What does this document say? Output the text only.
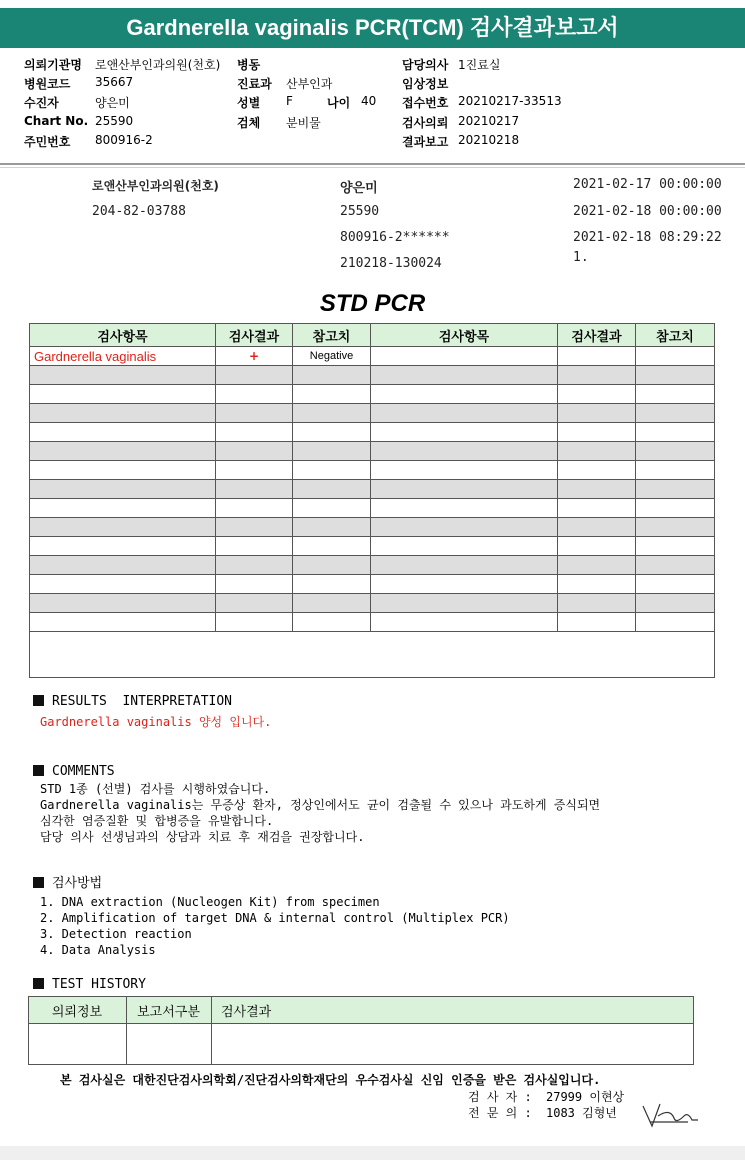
Gardnerella vaginalis PCR(TCM) 검사결과보고서
의뢰기관명 로앤산부인과의원(천호)
병원코드 35667
수진자	양은미
Chart No. 25590
주민번호 800916-2
병동
진료과 산부인과
성별 F	나이 40
검체 분비물
담당의사 1진료실
임상정보
접수번호 20210217-33513
검사의뢰 20210217
결과보고 20210218
로앤산부인과의원(천호)
204-82-03788
양은미
25590
800916-2******
210218-130024
2021-02-17 00:00:00
2021-02-18 00:00:00
2021-02-18 08:29:22
1.
STD PCR
검사항목	검사결과	참고치	검사항목	검사결과	참고치
Gardnerella vaginalis	+	Negative			

RESULTS  INTERPRETATION
Gardnerella vaginalis 양성 입니다.
COMMENTS
STD 1종 (선별) 검사를 시행하였습니다.
Gardnerella vaginalis는 무증상 환자, 정상인에서도 균이 검출될 수 있으나 과도하게 증식되면
심각한 염증질환 및 합병증을 유발합니다.
담당 의사 선생님과의 상담과 치료 후 재검을 권장합니다.
검사방법
1. DNA extraction (Nucleogen Kit) from specimen
2. Amplification of target DNA & internal control (Multiplex PCR)
3. Detection reaction
4. Data Analysis
TEST HISTORY
의뢰정보	보고서구분	검사결과

본 검사실은 대한진단검사의학회/진단검사의학재단의 우수검사실 신임 인증을 받은 검사실입니다.
검 사 자 : 27999 이현상
전 문 의 : 1083 김형년
